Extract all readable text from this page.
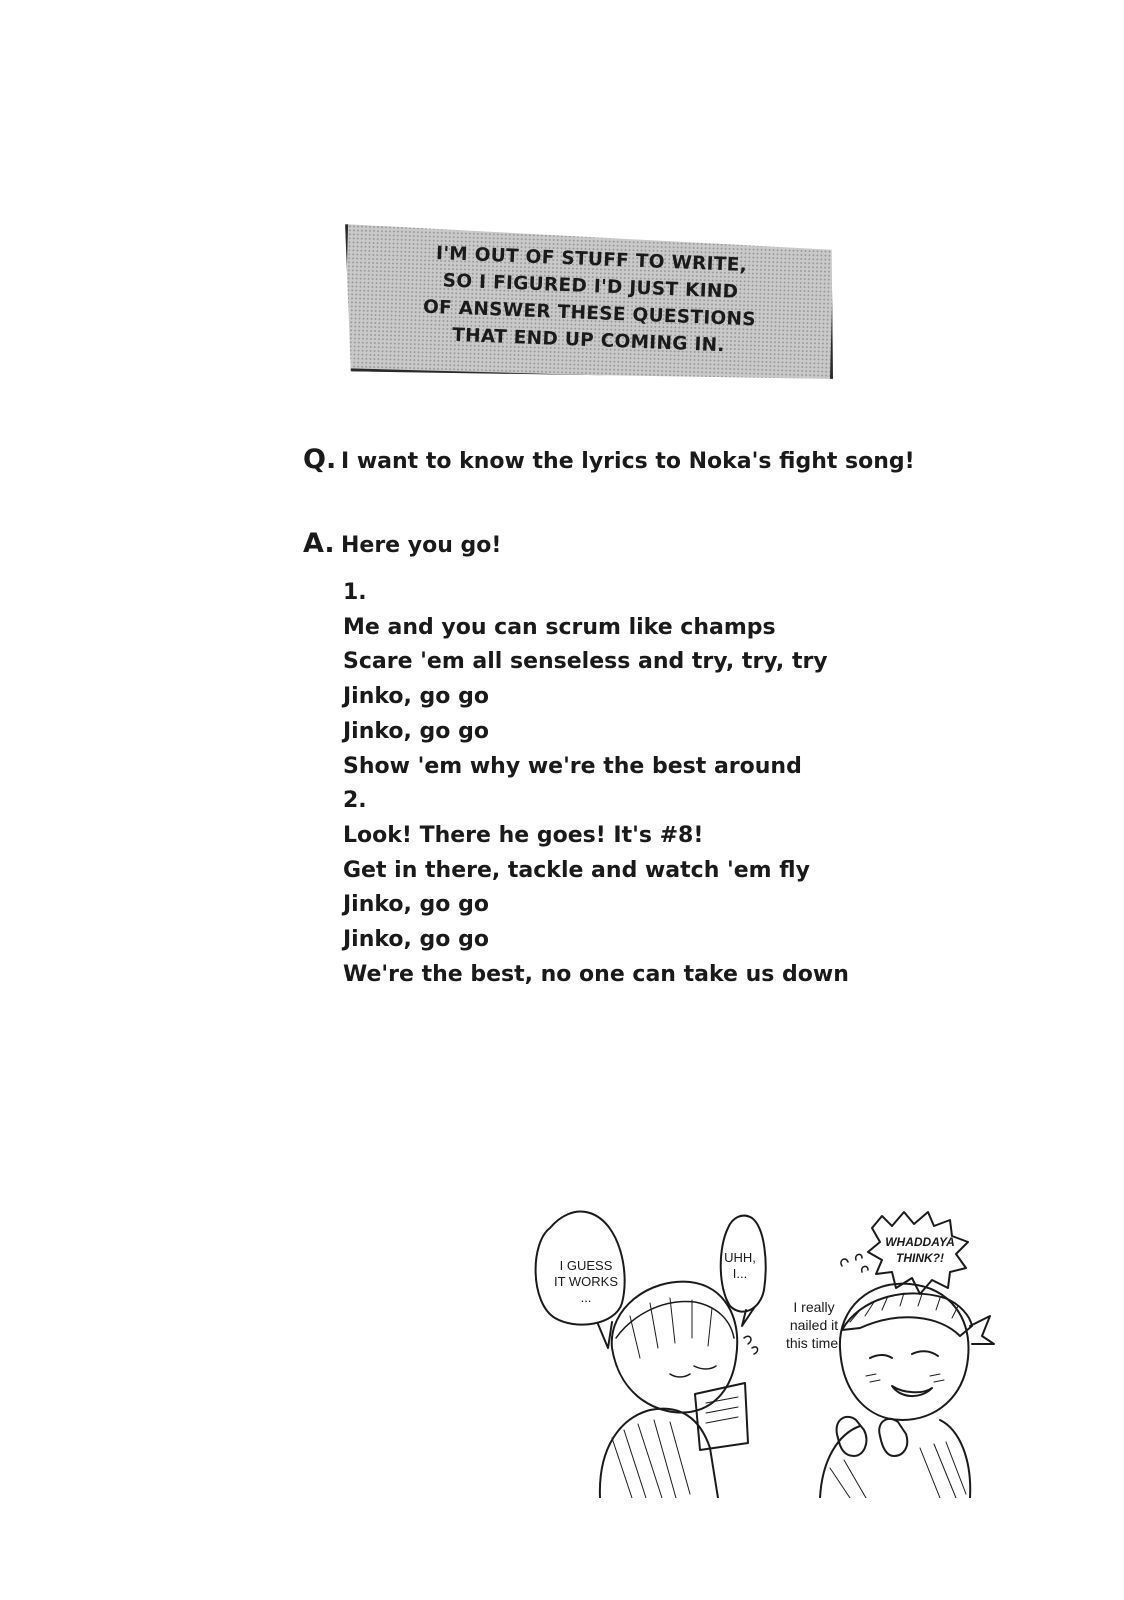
I'M OUT OF STUFF TO WRITE,
SO I FIGURED I'D JUST KIND
OF ANSWER THESE QUESTIONS
THAT END UP COMING IN.
Q. I want to know the lyrics to Noka's fight song!
A. Here you go!
1.
Me and you can scrum like champs
Scare 'em all senseless and try, try, try
Jinko, go go
Jinko, go go
Show 'em why we're the best around
2.
Look! There he goes! It's #8!
Get in there, tackle and watch 'em fly
Jinko, go go
Jinko, go go
We're the best, no one can take us down
I GUESS IT WORKS ...
UHH, I...
WHADDAYA THINK?!
I really nailed it this time!
